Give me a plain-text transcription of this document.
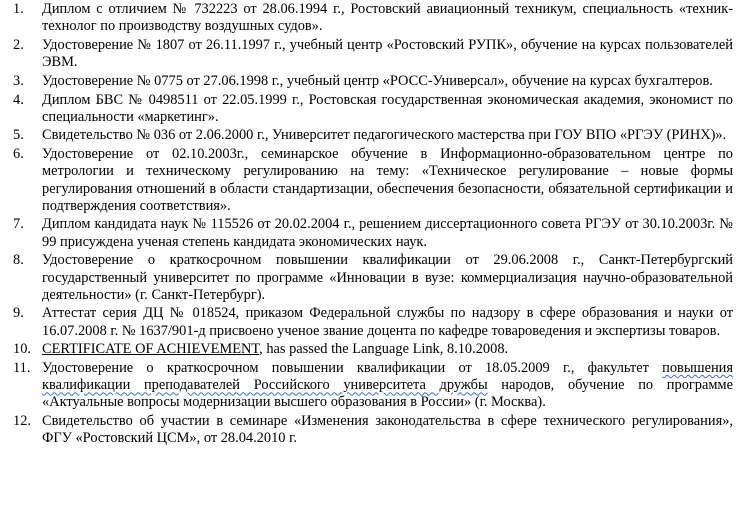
1.	Диплом с отличием № 732223 от 28.06.1994 г., Ростовский авиационный техникум, специальность «техник-технолог по производству воздушных судов».
2.	Удостоверение № 1807 от 26.11.1997 г., учебный центр «Ростовский РУПК», обучение на курсах пользователей ЭВМ.
3.	Удостоверение № 0775 от 27.06.1998 г., учебный центр «РОСС-Универсал», обучение на курсах бухгалтеров.
4.	Диплом БВС № 0498511 от 22.05.1999 г., Ростовская государственная экономическая академия, экономист по специальности «маркетинг».
5.	Свидетельство № 036 от 2.06.2000 г., Университет педагогического мастерства при ГОУ ВПО «РГЭУ (РИНХ)».
6.	Удостоверение от 02.10.2003г., семинарское обучение в Информационно-образовательном центре по метрологии и техническому регулированию на тему: «Техническое регулирование – новые формы регулирования отношений в области стандартизации, обеспечения безопасности, обязательной сертификации и подтверждения соответствия».
7.	Диплом кандидата наук № 115526 от 20.02.2004 г., решением диссертационного совета РГЭУ от 30.10.2003г. № 99 присуждена ученая степень кандидата экономических наук.
8.	Удостоверение о краткосрочном повышении квалификации от 29.06.2008 г., Санкт-Петербургский государственный университет по программе «Инновации в вузе: коммерциализация научно-образовательной деятельности» (г. Санкт-Петербург).
9.	Аттестат серия ДЦ № 018524, приказом Федеральной службы по надзору в сфере образования и науки от 16.07.2008 г. № 1637/901-д присвоено ученое звание доцента по кафедре товароведения и экспертизы товаров.
10. CERTIFICATE OF ACHIEVEMENT, has passed the Language Link, 8.10.2008.
11. Удостоверение о краткосрочном повышении квалификации от 18.05.2009 г., факультет повышения квалификации преподавателей Российского университета дружбы народов, обучение по программе «Актуальные вопросы модернизации высшего образования в России» (г. Москва).
12. Свидетельство об участии в семинаре «Изменения законодательства в сфере технического регулирования», ФГУ «Ростовский ЦСМ», от 28.04.2010 г.
